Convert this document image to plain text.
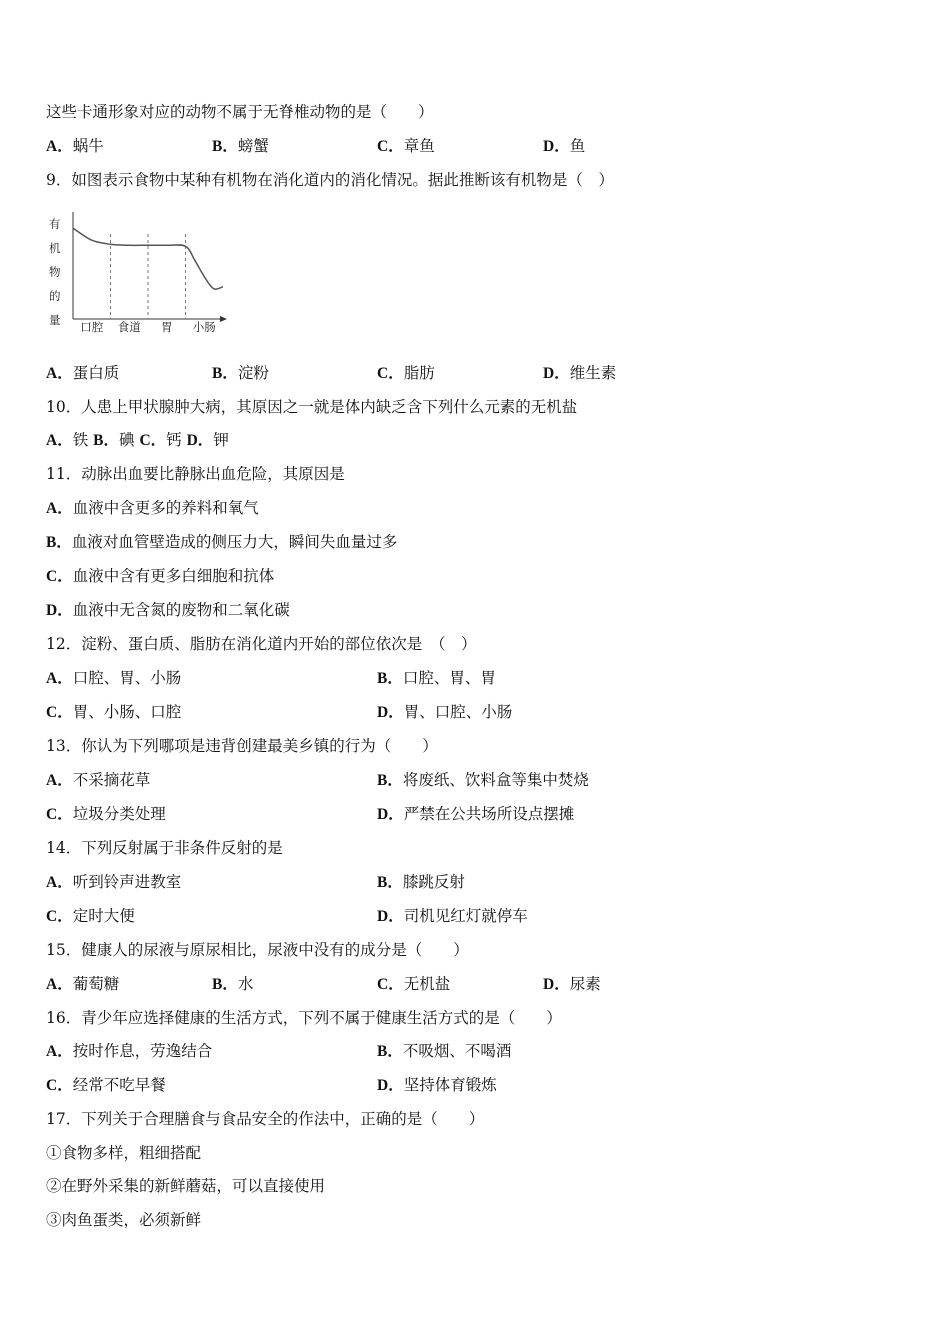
这些卡通形象对应的动物不属于无脊椎动物的是（　　）
A．蜗牛	B．螃蟹	C．章鱼	D．鱼
9．如图表示食物中某种有机物在消化道内的消化情况。据此推断该有机物是（　）
有
机
物
的
量 口腔 食道 胃 小肠
A．蛋白质	B．淀粉	C．脂肪	D．维生素
10．人患上甲状腺肿大病，其原因之一就是体内缺乏含下列什么元素的无机盐
A．铁 B．碘 C．钙 D．钾
11．动脉出血要比静脉出血危险，其原因是
A．血液中含更多的养料和氧气
B．血液对血管壁造成的侧压力大，瞬间失血量过多
C．血液中含有更多白细胞和抗体
D．血液中无含氮的废物和二氧化碳
12．淀粉、蛋白质、脂肪在消化道内开始的部位依次是　（　）
A．口腔、胃、小肠	B．口腔、胃、胃
C．胃、小肠、口腔	D．胃、口腔、小肠
13．你认为下列哪项是违背创建最美乡镇的行为（　　）
A．不采摘花草	B．将废纸、饮料盒等集中焚烧
C．垃圾分类处理	D．严禁在公共场所设点摆摊
14．下列反射属于非条件反射的是
A．听到铃声进教室	B．膝跳反射
C．定时大便	D．司机见红灯就停车
15．健康人的尿液与原尿相比，尿液中没有的成分是（　　）
A．葡萄糖	B．水	C．无机盐	D．尿素
16．青少年应选择健康的生活方式，下列不属于健康生活方式的是（　　）
A．按时作息，劳逸结合	B．不吸烟、不喝酒
C．经常不吃早餐	D．坚持体育锻炼
17．下列关于合理膳食与食品安全的作法中，正确的是（　　）
①食物多样，粗细搭配
②在野外采集的新鲜蘑菇，可以直接使用
③肉鱼蛋类，必须新鲜
